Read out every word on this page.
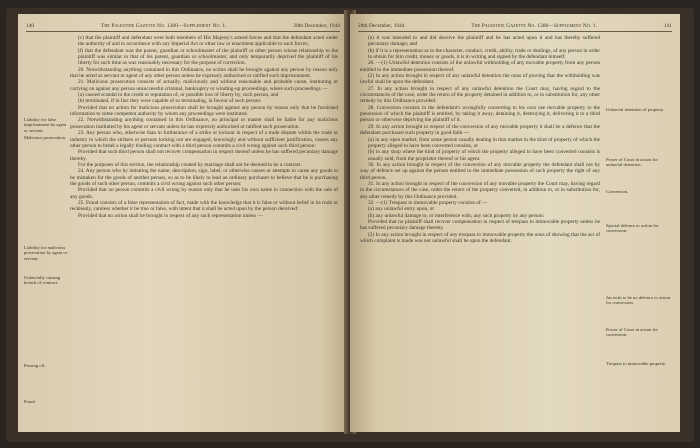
140	The Palestine Gazette No. 1380—Supplement No. 1.	28th December, 1944
Liability for false imprisonment by agent or servant.
Malicious prosecution.
Liability for malicious prosecution by agent or servant.
Unlawfully causing breach of contract.
Passing off.
Fraud.

(c) that the plaintiff and defendant were both members of His Majesty's armed forces and that the defendant acted under the authority of and in accordance with any Imperial Act or other law or enactment applicable to such forces;

(f) that the defendant was the parent, guardian or schoolmaster of the plaintiff or other person whose relationship to the plaintiff was similar to that of his parent, guardian or schoolmaster, and only temporarily deprived the plaintiff of his liberty for such time as was reasonably necessary for the purpose of correction.

20. Notwithstanding anything contained in this Ordinance, no action shall be brought against any person by reason only that he acted as servant or agent of any other person unless he expressly authorised or ratified such imprisonment.

21. Malicious prosecution consists of actually, maliciously and without reasonable and probable cause, instituting or carrying on against any person unsuccessful criminal, bankruptcy or winding-up proceedings, where such proceedings —

(a) caused scandal to the credit or reputation of, or possible loss of liberty by, such person, and

(b) terminated, if in fact they were capable of so terminating, in favour of such person:

Provided that no action for malicious prosecution shall be brought against any person by reason only that he furnished information to some competent authority by whom any proceedings were instituted.

22. Notwithstanding anything contained in this Ordinance, no principal or master shall be liable for any malicious prosecution instituted by his agent or servant unless he has expressly authorised or ratified such prosecution.

23. Any person who, otherwise than in furtherance of a strike or lockout in respect of a trade dispute within the trade or industry in which the strikers or persons locking out are engaged, knowingly and without sufficient justification, causes any other person to break a legally binding contract with a third person commits a civil wrong against such third person:

Provided that such third person shall not recover compensation in respect thereof unless he has suffered pecuniary damage thereby.

For the purposes of this section, the relationship created by marriage shall not be deemed to be a contract.

24. Any person who by imitating the name, description, sign, label, or otherwise causes or attempts to cause any goods to be mistaken for the goods of another person, so as to be likely to lead an ordinary purchaser to believe that he is purchasing the goods of such other person, commits a civil wrong against such other person:

Provided that no person commits a civil wrong by reason only that he uses his own name in connection with the sale of any goods.

25. Fraud consists of a false representation of fact, made with the knowledge that it is false or without belief in its truth or recklessly, careless whether it be true or false, with intent that it shall be acted upon by the person deceived:

Provided that no action shall be brought in respect of any such representation unless —

28th December, 1944	The Palestine Gazette No. 1380—Supplement No. 1.	141

(a) it was intended to and did deceive the plaintiff and he has acted upon it and has thereby suffered pecuniary damage; and

(b) if it is a representation as to the character, conduct, credit, ability, trade or dealings, of any person in order to obtain for him credit, money or goods, it is in writing and signed by the defendant himself.

26. —(1) Unlawful detention consists of the unlawful withholding of any movable property from any person entitled to the immediate possession thereof.

(2) In any action brought in respect of any unlawful detention the onus of proving that the withholding was lawful shall be upon the defendant.

27. In any action brought in respect of any unlawful detention the Court may, having regard to the circumstances of the case, order the return of the property detained in addition to, or in substitution for, any other remedy by this Ordinance provided.

28. Conversion consists in the defendant's wrongfully converting to his own use movable property to the possession of which the plaintiff is entitled, by taking it away, detaining it, destroying it, delivering it to a third person or otherwise depriving the plaintiff of it.

29. In any action brought in respect of the conversion of any movable property it shall be a defence that the defendant purchased such property in good faith —

(a) in any open market, from some person usually dealing in that market in the kind of property of which the property alleged to have been converted consists, or

(b) in any shop where the kind of property of which the property alleged to have been converted consists is usually sold, from the proprietor thereof or his agent.

30. In any action brought in respect of the conversion of any movable property the defendant shall not by way of defence set up against the person entitled to the immediate possession of such property the right of any third person.

31. In any action brought in respect of the conversion of any movable property the Court may, having regard to the circumstances of the case, order the return of the property converted, in addition to, or in substitution for, any other remedy by this Ordinance provided.

32. —(1) Trespass to immovable property consists of —

(a) any unlawful entry upon, or

(b) any unlawful damage to, or interference with, any such property by any person:

Provided that no plaintiff shall recover compensation in respect of trespass to immovable property unless he has suffered pecuniary damage thereby.

(2) In any action brought in respect of any trespass to immovable property the onus of showing that the act of which complaint is made was not unlawful shall be upon the defendant.

Unlawful detention of property.
Power of Court in action for unlawful detention.
Conversion.
Special defence to action for conversion.
Jus tertii to be no defence to action for conversion.
Power of Court in action for conversion.
Trespass to immovable property.
